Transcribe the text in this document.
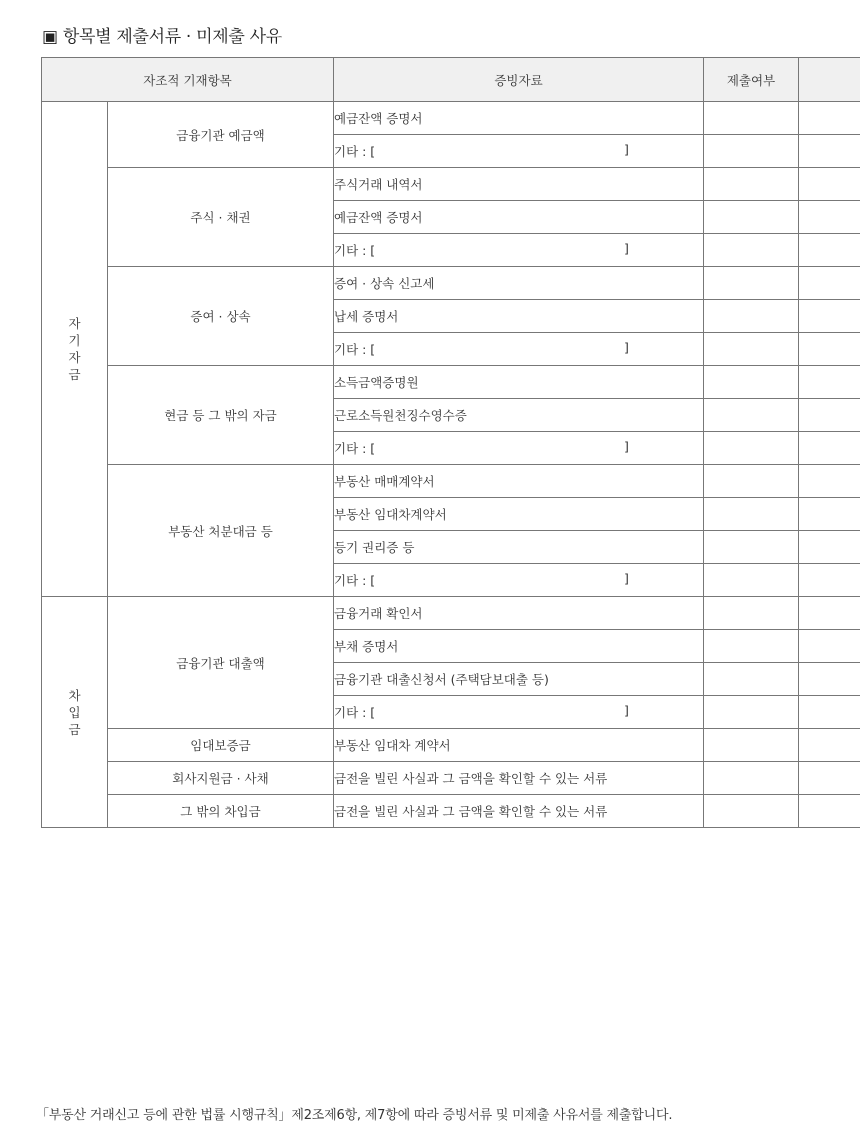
▣ 항목별 제출서류 · 미제출 사유
자조적 기재항목		증빙자료	제출여부	
자기자금	금융기관 예금액	예금잔액 증명서		

		기타 : [ ]		

	주식 · 채권	주식거래 내역서		

		예금잔액 증명서		

		기타 : [ ]		

	증여 · 상속	증여 · 상속 신고세		

		납세 증명서		

		기타 : [ ]		

	현금 등 그 밖의 자금	소득금액증명원		

		근로소득원천징수영수증		

		기타 : [ ]		

	부동산 처분대금 등	부동산 매매계약서		

		부동산 임대차계약서		

		등기 권리증 등		

		기타 : [ ]		

차입금	금융기관 대출액	금융거래 확인서		

		부채 증명서		

		금융기관 대출신청서 (주택담보대출 등)		

		기타 : [ ]		

	임대보증금	부동산 임대차 계약서		

	회사지원금 · 사채	금전을 빌린 사실과 그 금액을 확인할 수 있는 서류		

	그 밖의 차입금	금전을 빌린 사실과 그 금액을 확인할 수 있는 서류		

「부동산 거래신고 등에 관한 법률 시행규칙」제2조제6항, 제7항에 따라 증빙서류 및 미제출 사유서를 제출합니다.
